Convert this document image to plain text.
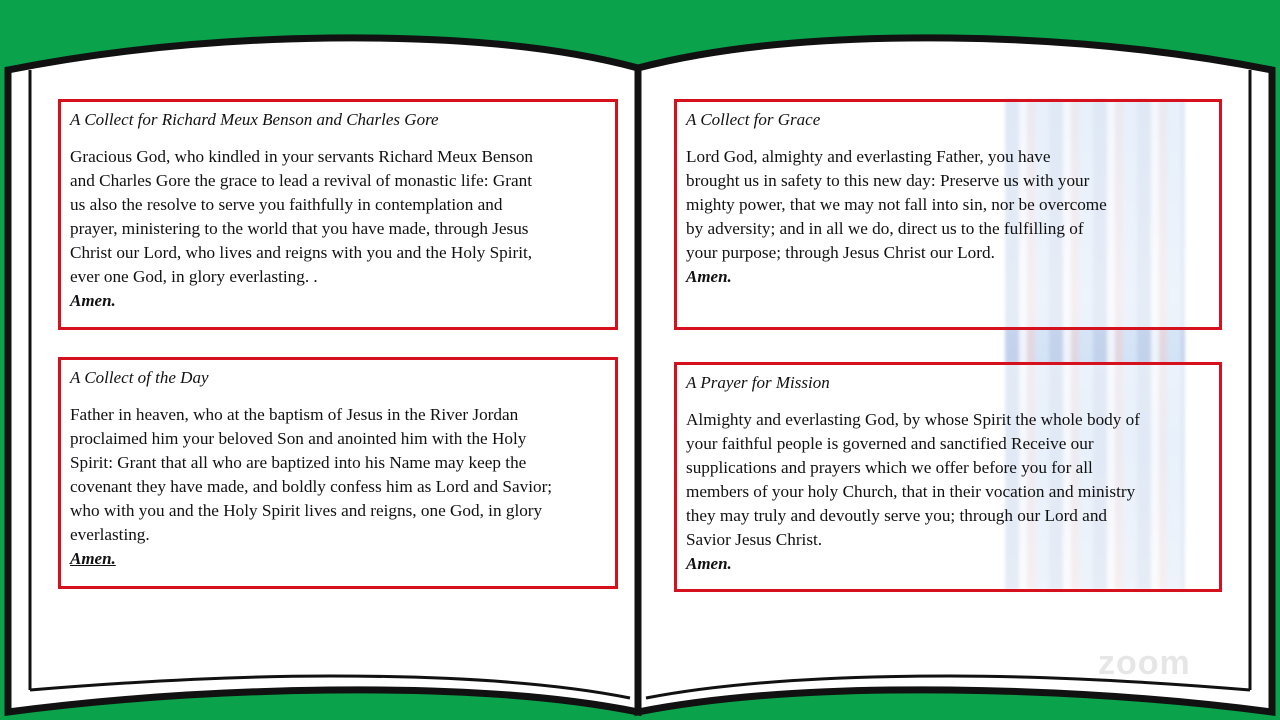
A Collect for Richard Meux Benson and Charles Gore

Gracious God, who kindled in your servants Richard Meux Benson
and Charles Gore the grace to lead a revival of monastic life: Grant
us also the resolve to serve you faithfully in contemplation and
prayer, ministering to the world that you have made, through Jesus
Christ our Lord, who lives and reigns with you and the Holy Spirit,
ever one God, in glory everlasting. .
Amen.

A Collect of the Day

Father in heaven, who at the baptism of Jesus in the River Jordan
proclaimed him your beloved Son and anointed him with the Holy
Spirit: Grant that all who are baptized into his Name may keep the
covenant they have made, and boldly confess him as Lord and Savior;
who with you and the Holy Spirit lives and reigns, one God, in glory
everlasting.
Amen.

A Collect for Grace

Lord God, almighty and everlasting Father, you have
brought us in safety to this new day: Preserve us with your
mighty power, that we may not fall into sin, nor be overcome
by adversity; and in all we do, direct us to the fulfilling of
your purpose; through Jesus Christ our Lord.
Amen.

A Prayer for Mission

Almighty and everlasting God, by whose Spirit the whole body of
your faithful people is governed and sanctified Receive our
supplications and prayers which we offer before you for all
members of your holy Church, that in their vocation and ministry
they may truly and devoutly serve you; through our Lord and
Savior Jesus Christ.
Amen.

zoom
